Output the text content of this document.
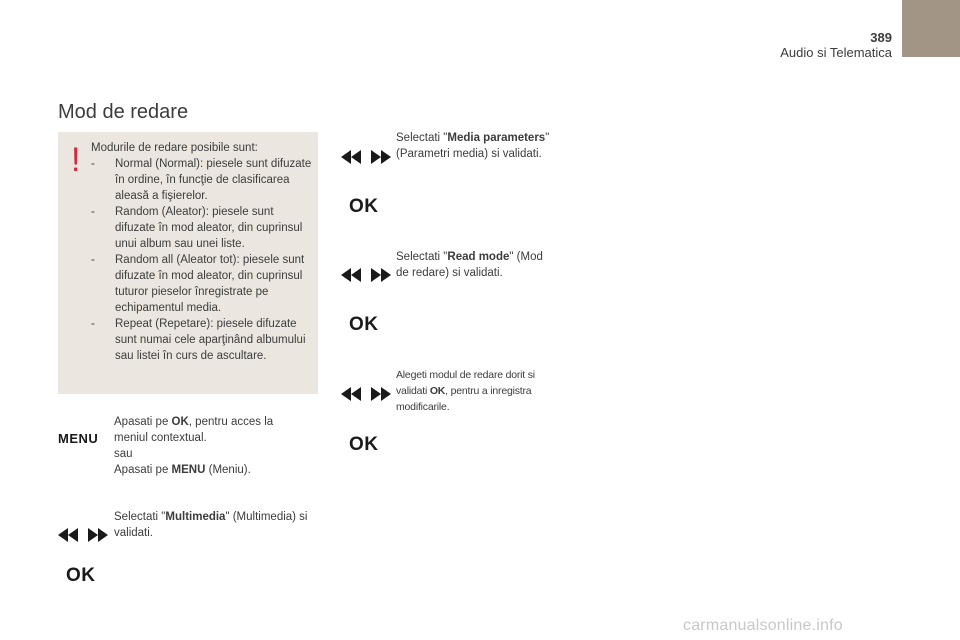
389
Audio si Telematica
Mod de redare
! Modurile de redare posibile sunt:
- Normal (Normal): piesele sunt difuzate în ordine, în funcţie de clasificarea aleasă a fişierelor.
- Random (Aleator): piesele sunt difuzate în mod aleator, din cuprinsul unui album sau unei liste.
- Random all (Aleator tot): piesele sunt difuzate în mod aleator, din cuprinsul tuturor pieselor înregistrate pe echipamentul media.
- Repeat (Repetare): piesele difuzate sunt numai cele aparţinând albumului sau listei în curs de ascultare.
MENU
Apasati pe OK, pentru acces la meniul contextual.
sau
Apasati pe MENU (Meniu).
Selectati "Multimedia" (Multimedia) si validati.
OK
Selectati "Media parameters" (Parametri media) si validati.
OK
Selectati "Read mode" (Mod de redare) si validati.
OK
Alegeti modul de redare dorit si validati OK, pentru a inregistra modificarile.
OK
carmanualsonline.info
